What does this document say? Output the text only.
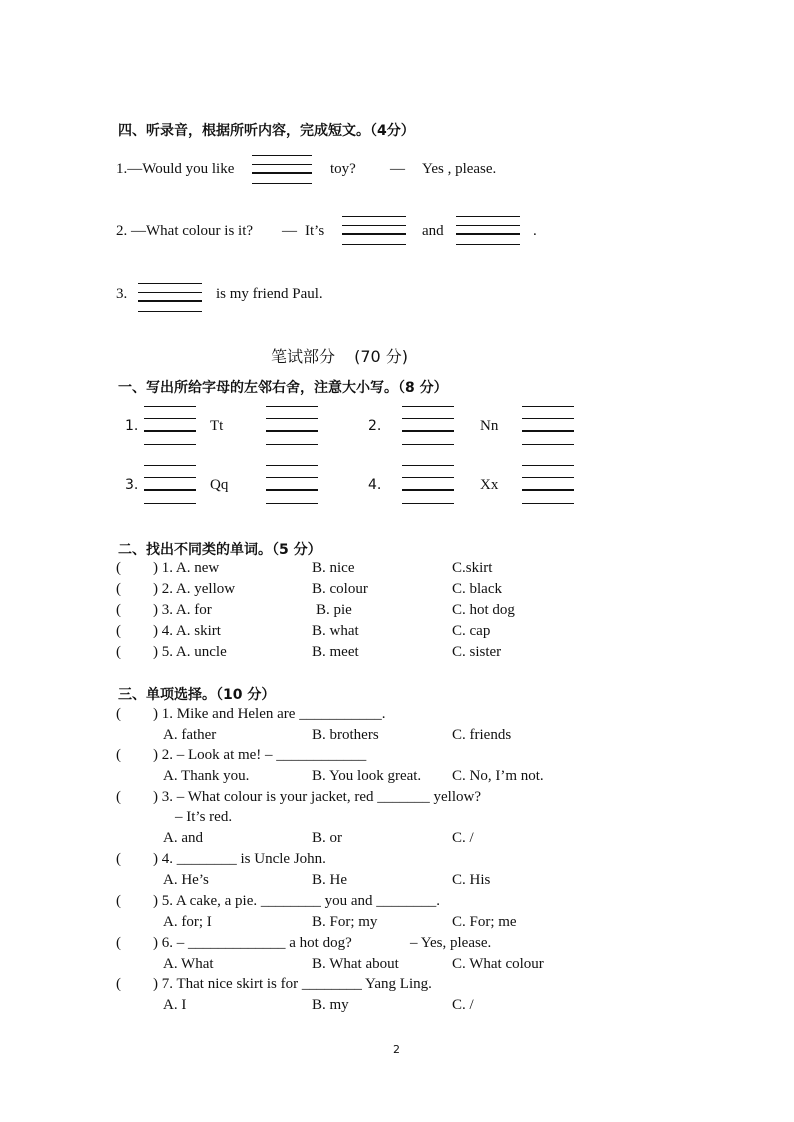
四、听录音，根据所听内容，完成短文。（4分）
1.—Would you like	toy? — Yes , please.
2. —What colour is it? — It’s	and	.
3.	is my friend Paul.
笔试部分 (70 分)
一、写出所给字母的左邻右舍，注意大小写。（8 分）
1.	Tt	2.	Nn
3.	Qq	4.	Xx
二、找出不同类的单词。（5 分）
( ) 1. A. new	B. nice	C.skirt
( ) 2. A. yellow	B. colour	C. black
( ) 3. A. for	B. pie	C. hot dog
( ) 4. A. skirt	B. what	C. cap
( ) 5. A. uncle	B. meet	C. sister
三、单项选择。（10 分）
( ) 1. Mike and Helen are ___________.
A. father	B. brothers	C. friends
( ) 2. – Look at me! – ____________
A. Thank you.	B. You look great. C. No, I’m not.
( ) 3. – What colour is your jacket, red _______ yellow?
– It’s red.
A. and	B. or	C. /
( ) 4. ________ is Uncle John.
A. He’s	B. He	C. His
( ) 5. A cake, a pie. ________ you and ________.
A. for; I	B. For; my	C. For; me
( ) 6. – _____________ a hot dog?	– Yes, please.
A. What	B. What about	C. What colour
( ) 7. That nice skirt is for ________ Yang Ling.
A. I	B. my	C. /
2
